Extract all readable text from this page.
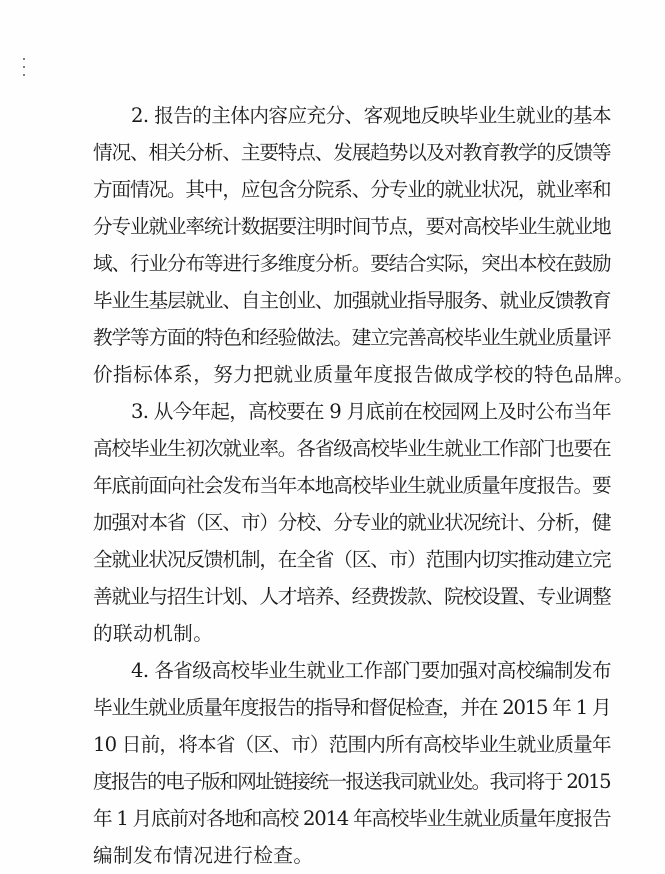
2. 报告的主体内容应充分、客观地反映毕业生就业的基本
情况、相关分析、主要特点、发展趋势以及对教育教学的反馈等
方面情况。其中，应包含分院系、分专业的就业状况，就业率和
分专业就业率统计数据要注明时间节点，要对高校毕业生就业地
域、行业分布等进行多维度分析。要结合实际，突出本校在鼓励
毕业生基层就业、自主创业、加强就业指导服务、就业反馈教育
教学等方面的特色和经验做法。建立完善高校毕业生就业质量评
价指标体系，努力把就业质量年度报告做成学校的特色品牌。
3. 从今年起，高校要在 9 月底前在校园网上及时公布当年
高校毕业生初次就业率。各省级高校毕业生就业工作部门也要在
年底前面向社会发布当年本地高校毕业生就业质量年度报告。要
加强对本省（区、市）分校、分专业的就业状况统计、分析，健
全就业状况反馈机制，在全省（区、市）范围内切实推动建立完
善就业与招生计划、人才培养、经费拨款、院校设置、专业调整
的联动机制。
4. 各省级高校毕业生就业工作部门要加强对高校编制发布
毕业生就业质量年度报告的指导和督促检查，并在 2015 年 1 月
10 日前，将本省（区、市）范围内所有高校毕业生就业质量年
度报告的电子版和网址链接统一报送我司就业处。我司将于 2015
年 1 月底前对各地和高校 2014 年高校毕业生就业质量年度报告
编制发布情况进行检查。
